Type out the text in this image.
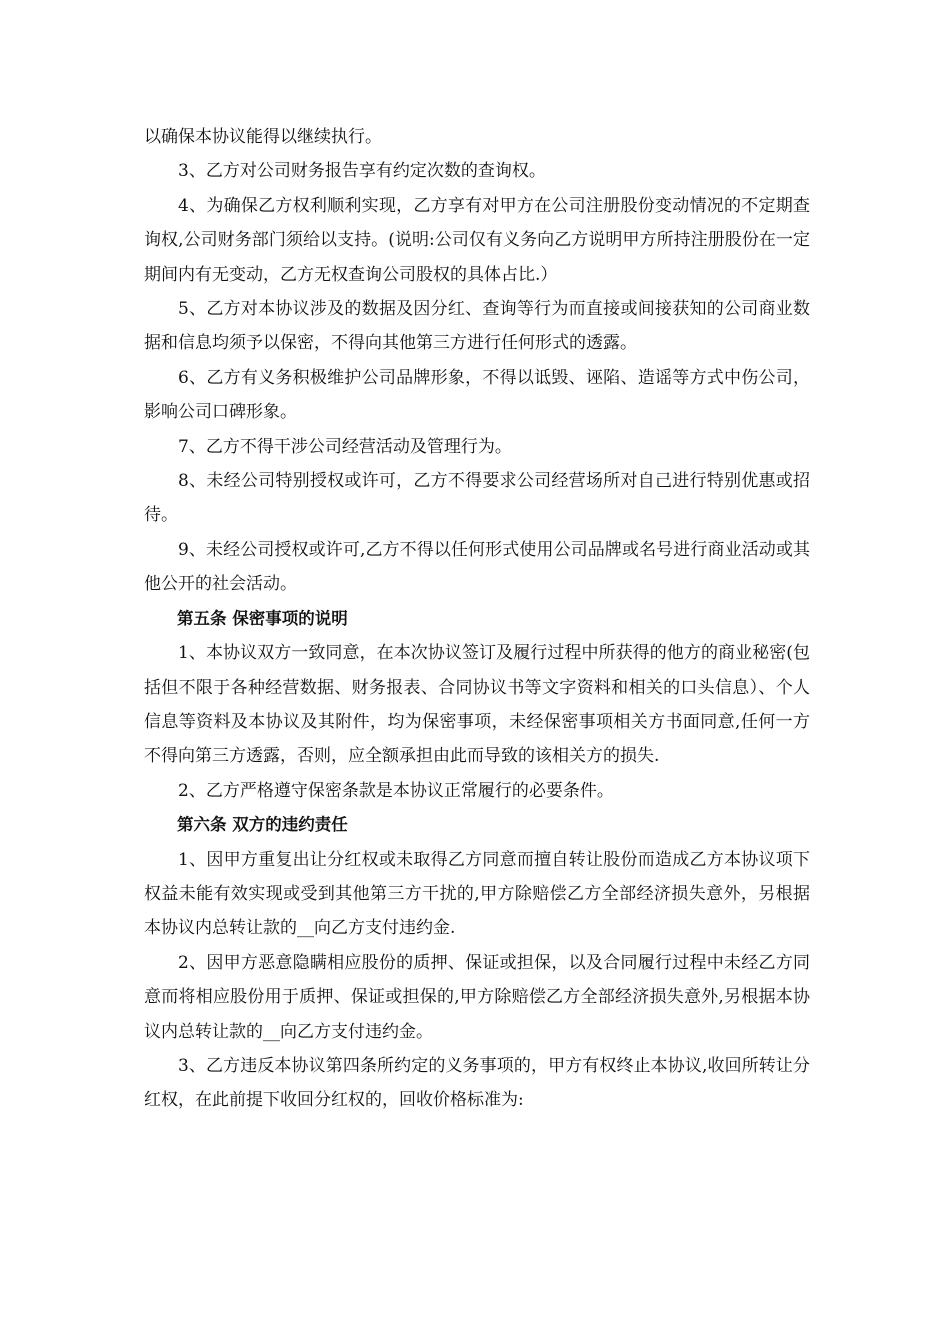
以确保本协议能得以继续执行。

3、乙方对公司财务报告享有约定次数的查询权。

4、为确保乙方权利顺利实现，乙方享有对甲方在公司注册股份变动情况的不定期查询权,公司财务部门须给以支持。(说明:公司仅有义务向乙方说明甲方所持注册股份在一定期间内有无变动，乙方无权查询公司股权的具体占比.）

5、乙方对本协议涉及的数据及因分红、查询等行为而直接或间接获知的公司商业数据和信息均须予以保密，不得向其他第三方进行任何形式的透露。

6、乙方有义务积极维护公司品牌形象，不得以诋毁、诬陷、造谣等方式中伤公司，影响公司口碑形象。

7、乙方不得干涉公司经营活动及管理行为。

8、未经公司特别授权或许可，乙方不得要求公司经营场所对自己进行特别优惠或招待。

9、未经公司授权或许可,乙方不得以任何形式使用公司品牌或名号进行商业活动或其他公开的社会活动。

第五条 保密事项的说明

1、本协议双方一致同意，在本次协议签订及履行过程中所获得的他方的商业秘密(包括但不限于各种经营数据、财务报表、合同协议书等文字资料和相关的口头信息）、个人信息等资料及本协议及其附件，均为保密事项，未经保密事项相关方书面同意,任何一方不得向第三方透露，否则，应全额承担由此而导致的该相关方的损失.

2、乙方严格遵守保密条款是本协议正常履行的必要条件。

第六条 双方的违约责任

1、因甲方重复出让分红权或未取得乙方同意而擅自转让股份而造成乙方本协议项下权益未能有效实现或受到其他第三方干扰的,甲方除赔偿乙方全部经济损失意外，另根据本协议内总转让款的__向乙方支付违约金.

2、因甲方恶意隐瞒相应股份的质押、保证或担保，以及合同履行过程中未经乙方同意而将相应股份用于质押、保证或担保的,甲方除赔偿乙方全部经济损失意外,另根据本协议内总转让款的__向乙方支付违约金。

3、乙方违反本协议第四条所约定的义务事项的，甲方有权终止本协议,收回所转让分红权，在此前提下收回分红权的，回收价格标准为:
